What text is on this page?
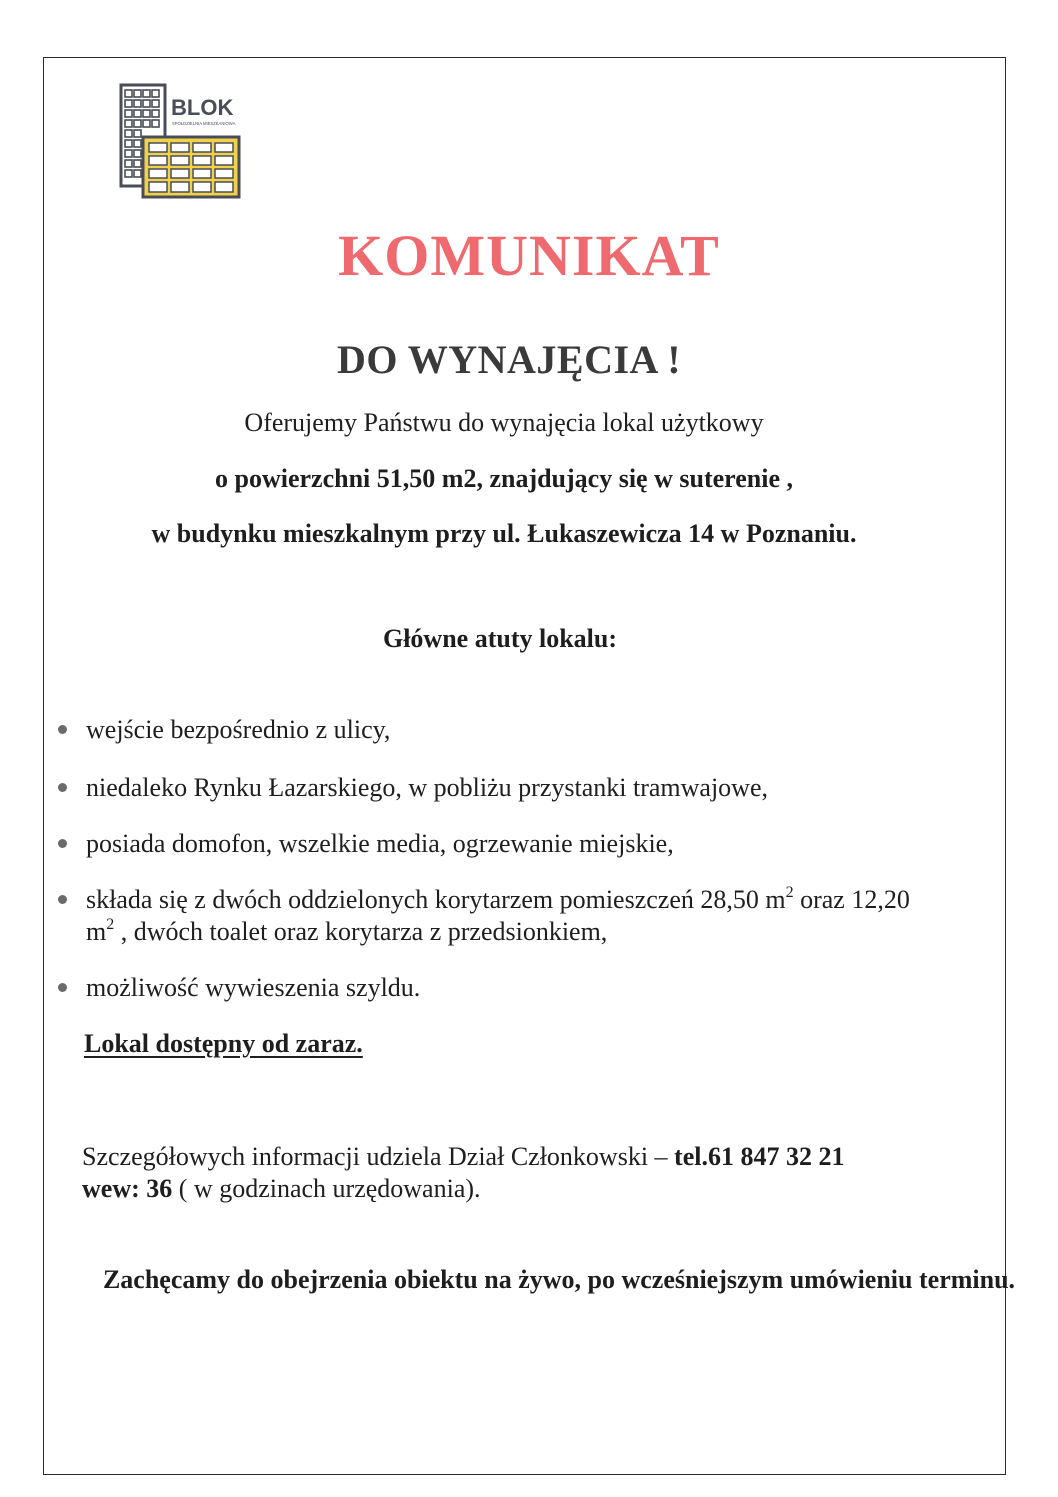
BLOK
SPÓŁDZIELNIA MIESZKANIOWA
KOMUNIKAT
DO WYNAJĘCIA !
Oferujemy Państwu do wynajęcia lokal użytkowy
o powierzchni 51,50 m2, znajdujący się w suterenie ,
w budynku mieszkalnym przy ul. Łukaszewicza 14 w Poznaniu.
Główne atuty lokalu:
wejście bezpośrednio z ulicy,
niedaleko Rynku Łazarskiego, w pobliżu przystanki tramwajowe,
posiada domofon, wszelkie media, ogrzewanie miejskie,
składa się z dwóch oddzielonych korytarzem pomieszczeń 28,50 $m^2$ oraz 12,20 $m^2$ , dwóch toalet oraz korytarza z przedsionkiem,
możliwość wywieszenia szyldu.
Lokal dostępny od zaraz.
Szczegółowych informacji udziela Dział Członkowski – tel.61 847 32 21
wew: 36 ( w godzinach urzędowania).
Zachęcamy do obejrzenia obiektu na żywo, po wcześniejszym umówieniu terminu.
